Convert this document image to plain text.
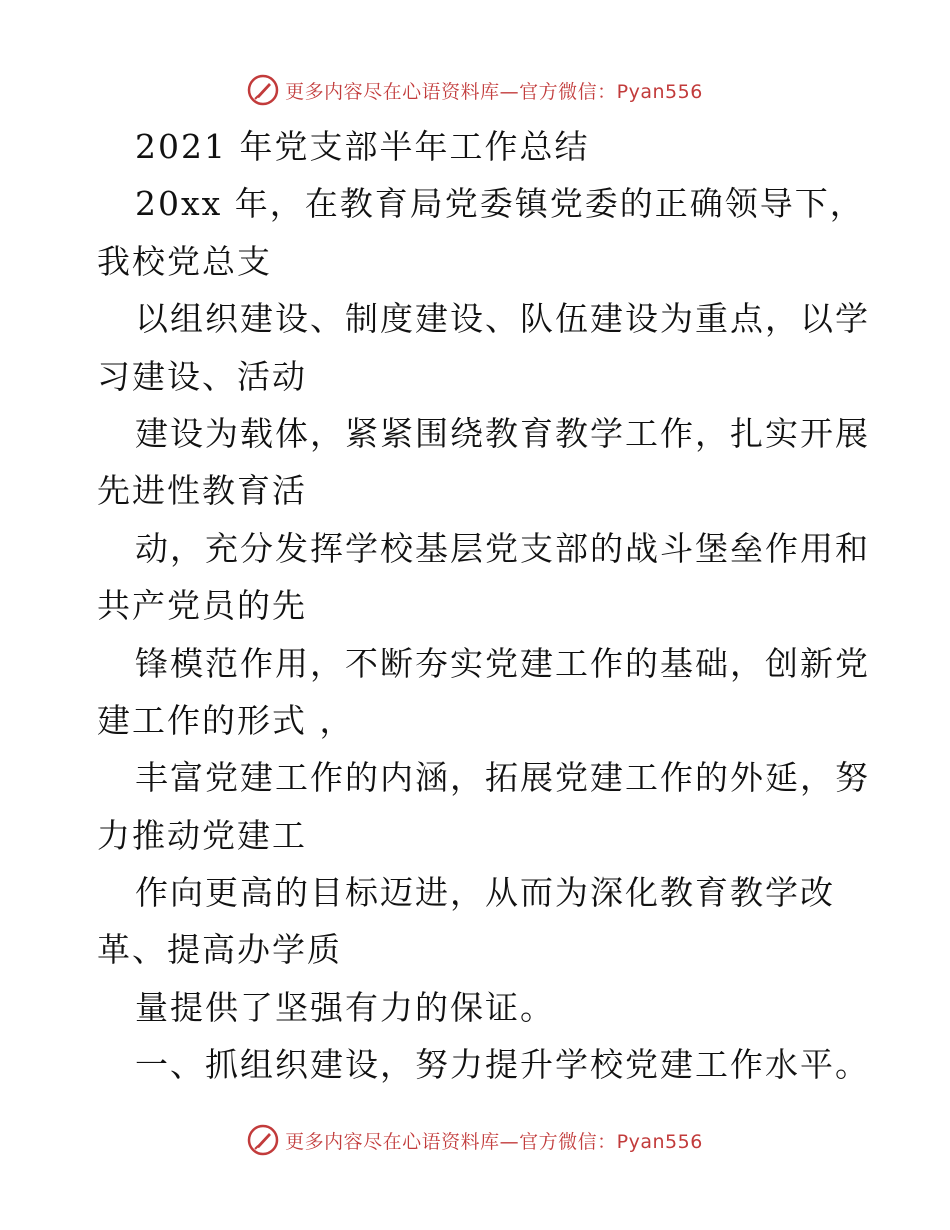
更多内容尽在心语资料库—官方微信：Pyan556
2021 年党支部半年工作总结
20xx 年，在教育局党委镇党委的正确领导下，
我校党总支
以组织建设、制度建设、队伍建设为重点，以学
习建设、活动
建设为载体，紧紧围绕教育教学工作，扎实开展
先进性教育活
动，充分发挥学校基层党支部的战斗堡垒作用和
共产党员的先
锋模范作用，不断夯实党建工作的基础，创新党
建工作的形式 ，
丰富党建工作的内涵，拓展党建工作的外延，努
力推动党建工
作向更高的目标迈进，从而为深化教育教学改
革、提高办学质
量提供了坚强有力的保证。
一、抓组织建设，努力提升学校党建工作水平。
更多内容尽在心语资料库—官方微信：Pyan556
